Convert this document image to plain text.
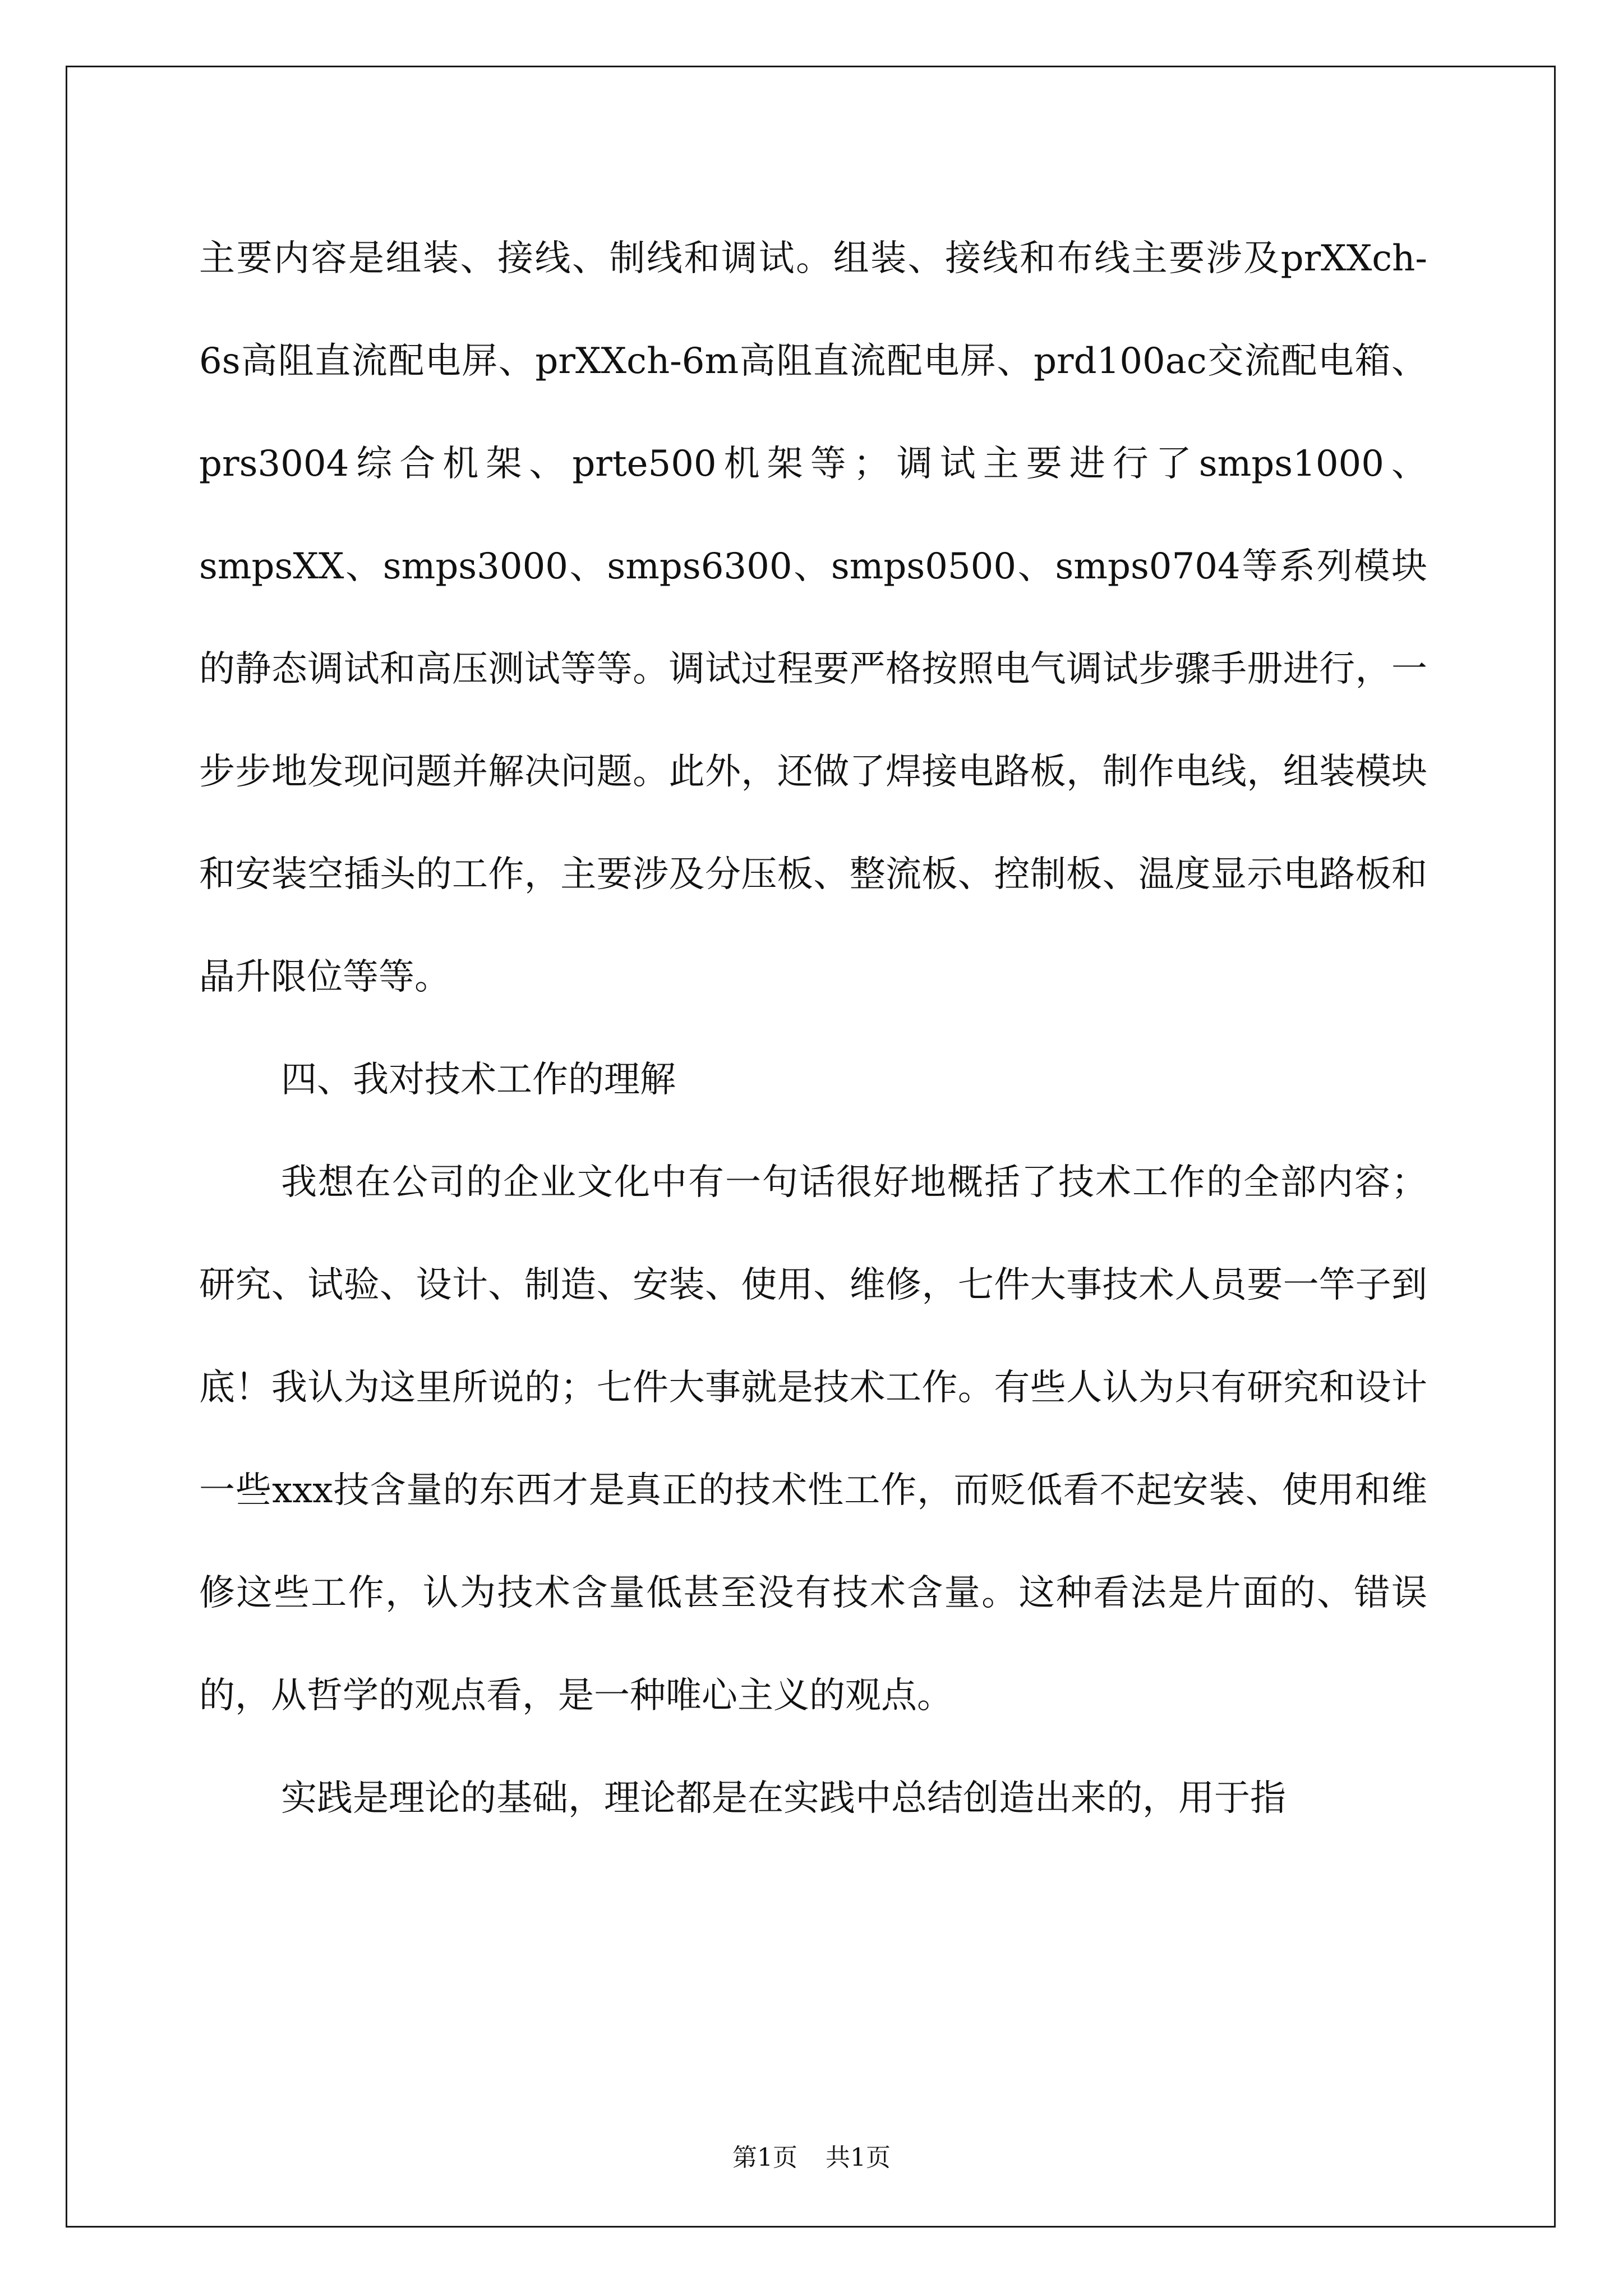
主要内容是组装、接线、制线和调试。组装、接线和布线主要涉及prXXch-6s高阻直流配电屏、prXXch-6m高阻直流配电屏、prd100ac交流配电箱、prs3004综合机架、prte500机架等；调试主要进行了smps1000、smpsXX、smps3000、smps6300、smps0500、smps0704等系列模块的静态调试和高压测试等等。调试过程要严格按照电气调试步骤手册进行，一步步地发现问题并解决问题。此外，还做了焊接电路板，制作电线，组装模块和安装空插头的工作，主要涉及分压板、整流板、控制板、温度显示电路板和晶升限位等等。

四、我对技术工作的理解

我想在公司的企业文化中有一句话很好地概括了技术工作的全部内容；研究、试验、设计、制造、安装、使用、维修，七件大事技术人员要一竿子到底！我认为这里所说的；七件大事就是技术工作。有些人认为只有研究和设计一些xxx技含量的东西才是真正的技术性工作，而贬低看不起安装、使用和维修这些工作，认为技术含量低甚至没有技术含量。这种看法是片面的、错误的，从哲学的观点看，是一种唯心主义的观点。

实践是理论的基础，理论都是在实践中总结创造出来的，用于指

第1页 共1页
